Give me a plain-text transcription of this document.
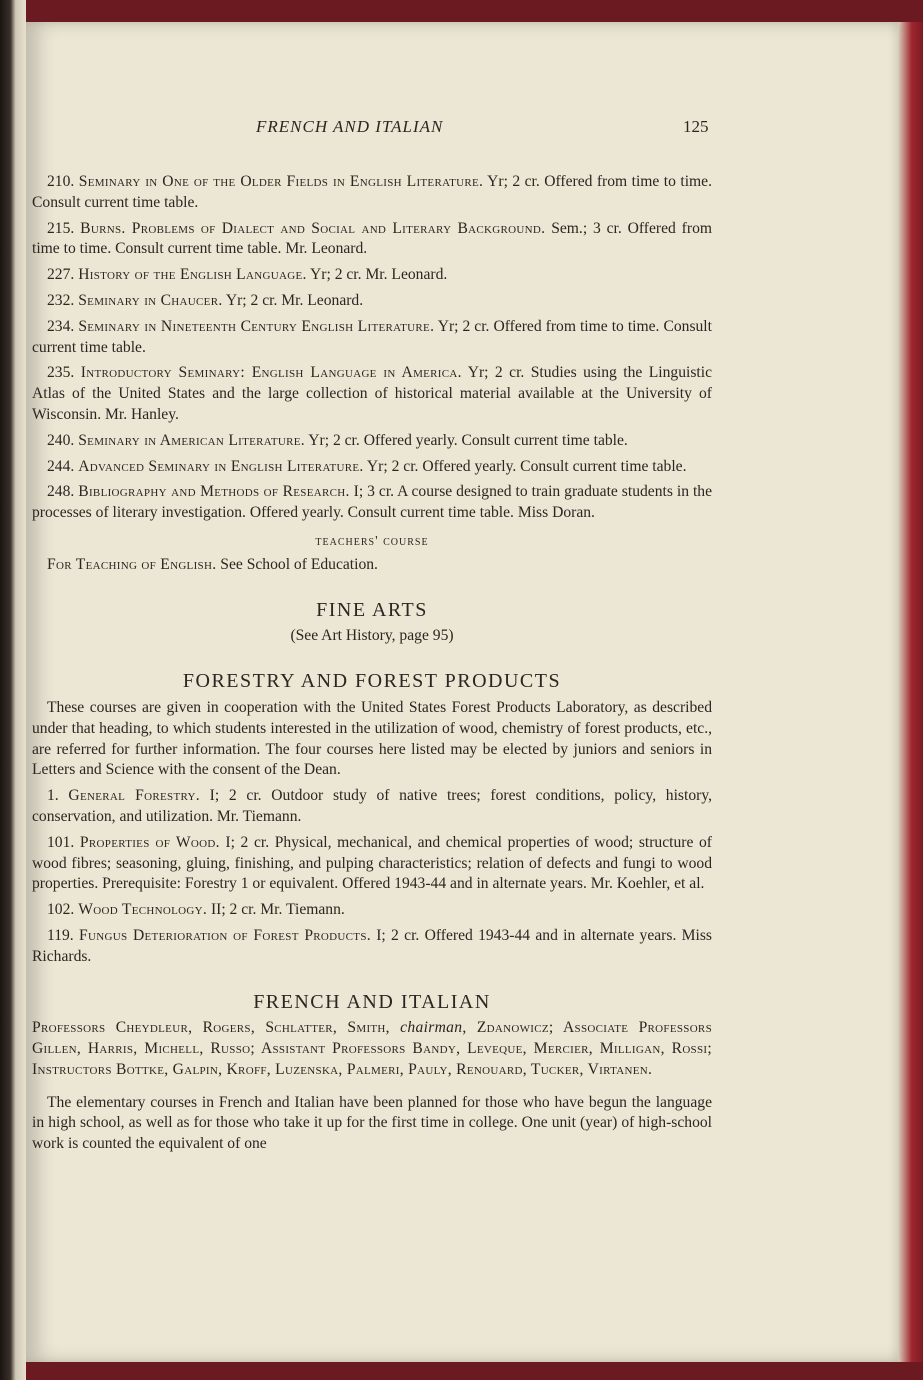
FRENCH AND ITALIAN	125

210. Seminary in One of the Older Fields in English Literature. Yr; 2 cr. Offered from time to time. Consult current time table.

215. Burns. Problems of Dialect and Social and Literary Background. Sem.; 3 cr. Offered from time to time. Consult current time table. Mr. Leonard.

227. History of the English Language. Yr; 2 cr. Mr. Leonard.

232. Seminary in Chaucer. Yr; 2 cr. Mr. Leonard.

234. Seminary in Nineteenth Century English Literature. Yr; 2 cr. Offered from time to time. Consult current time table.

235. Introductory Seminary: English Language in America. Yr; 2 cr. Studies using the Linguistic Atlas of the United States and the large collection of historical material available at the University of Wisconsin. Mr. Hanley.

240. Seminary in American Literature. Yr; 2 cr. Offered yearly. Consult current time table.

244. Advanced Seminary in English Literature. Yr; 2 cr. Offered yearly. Consult current time table.

248. Bibliography and Methods of Research. I; 3 cr. A course designed to train graduate students in the processes of literary investigation. Offered yearly. Consult current time table. Miss Doran.

teachers' course

For Teaching of English. See School of Education.

FINE ARTS

(See Art History, page 95)

FORESTRY AND FOREST PRODUCTS

These courses are given in cooperation with the United States Forest Products Laboratory, as described under that heading, to which students interested in the utilization of wood, chemistry of forest products, etc., are referred for further information. The four courses here listed may be elected by juniors and seniors in Letters and Science with the consent of the Dean.

1. General Forestry. I; 2 cr. Outdoor study of native trees; forest conditions, policy, history, conservation, and utilization. Mr. Tiemann.

101. Properties of Wood. I; 2 cr. Physical, mechanical, and chemical properties of wood; structure of wood fibres; seasoning, gluing, finishing, and pulping characteristics; relation of defects and fungi to wood properties. Prerequisite: Forestry 1 or equivalent. Offered 1943-44 and in alternate years. Mr. Koehler, et al.

102. Wood Technology. II; 2 cr. Mr. Tiemann.

119. Fungus Deterioration of Forest Products. I; 2 cr. Offered 1943-44 and in alternate years. Miss Richards.

FRENCH AND ITALIAN

Professors Cheydleur, Rogers, Schlatter, Smith, chairman, Zdanowicz; Associate Professors Gillen, Harris, Michell, Russo; Assistant Professors Bandy, Leveque, Mercier, Milligan, Rossi; Instructors Bottke, Galpin, Kroff, Luzenska, Palmeri, Pauly, Renouard, Tucker, Virtanen.

The elementary courses in French and Italian have been planned for those who have begun the language in high school, as well as for those who take it up for the first time in college. One unit (year) of high-school work is counted the equivalent of one
